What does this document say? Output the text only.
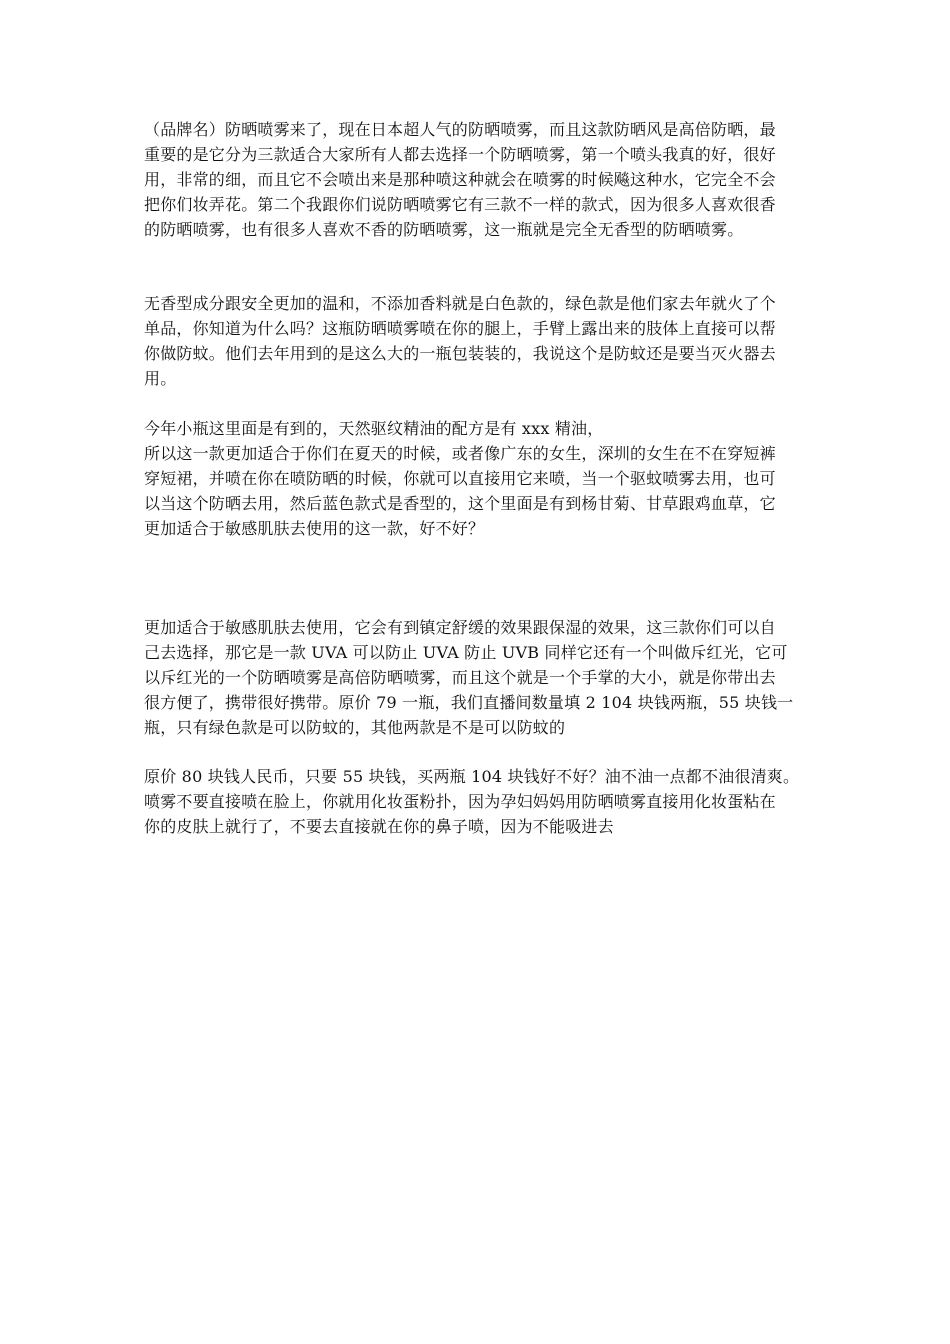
（品牌名）防晒喷雾来了，现在日本超人气的防晒喷雾，而且这款防晒风是高倍防晒，最
重要的是它分为三款适合大家所有人都去选择一个防晒喷雾，第一个喷头我真的好，很好
用，非常的细，而且它不会喷出来是那种喷这种就会在喷雾的时候飚这种水，它完全不会
把你们妆弄花。第二个我跟你们说防晒喷雾它有三款不一样的款式，因为很多人喜欢很香
的防晒喷雾，也有很多人喜欢不香的防晒喷雾，这一瓶就是完全无香型的防晒喷雾。

无香型成分跟安全更加的温和，不添加香料就是白色款的，绿色款是他们家去年就火了个
单品，你知道为什么吗？这瓶防晒喷雾喷在你的腿上，手臂上露出来的肢体上直接可以帮
你做防蚊。他们去年用到的是这么大的一瓶包装装的，我说这个是防蚊还是要当灭火器去
用。

今年小瓶这里面是有到的，天然驱纹精油的配方是有 xxx 精油，
所以这一款更加适合于你们在夏天的时候，或者像广东的女生，深圳的女生在不在穿短裤
穿短裙，并喷在你在喷防晒的时候，你就可以直接用它来喷，当一个驱蚊喷雾去用，也可
以当这个防晒去用，然后蓝色款式是香型的，这个里面是有到杨甘菊、甘草跟鸡血草，它
更加适合于敏感肌肤去使用的这一款，好不好？

更加适合于敏感肌肤去使用，它会有到镇定舒缓的效果跟保湿的效果，这三款你们可以自
己去选择，那它是一款 UVA 可以防止 UVA 防止 UVB 同样它还有一个叫做斥红光，它可
以斥红光的一个防晒喷雾是高倍防晒喷雾，而且这个就是一个手掌的大小，就是你带出去
很方便了，携带很好携带。原价 79 一瓶，我们直播间数量填 2 104 块钱两瓶，55 块钱一
瓶，只有绿色款是可以防蚊的，其他两款是不是可以防蚊的

原价 80 块钱人民币，只要 55 块钱，买两瓶 104 块钱好不好？油不油一点都不油很清爽。
喷雾不要直接喷在脸上，你就用化妆蛋粉扑，因为孕妇妈妈用防晒喷雾直接用化妆蛋粘在
你的皮肤上就行了，不要去直接就在你的鼻子喷，因为不能吸进去
